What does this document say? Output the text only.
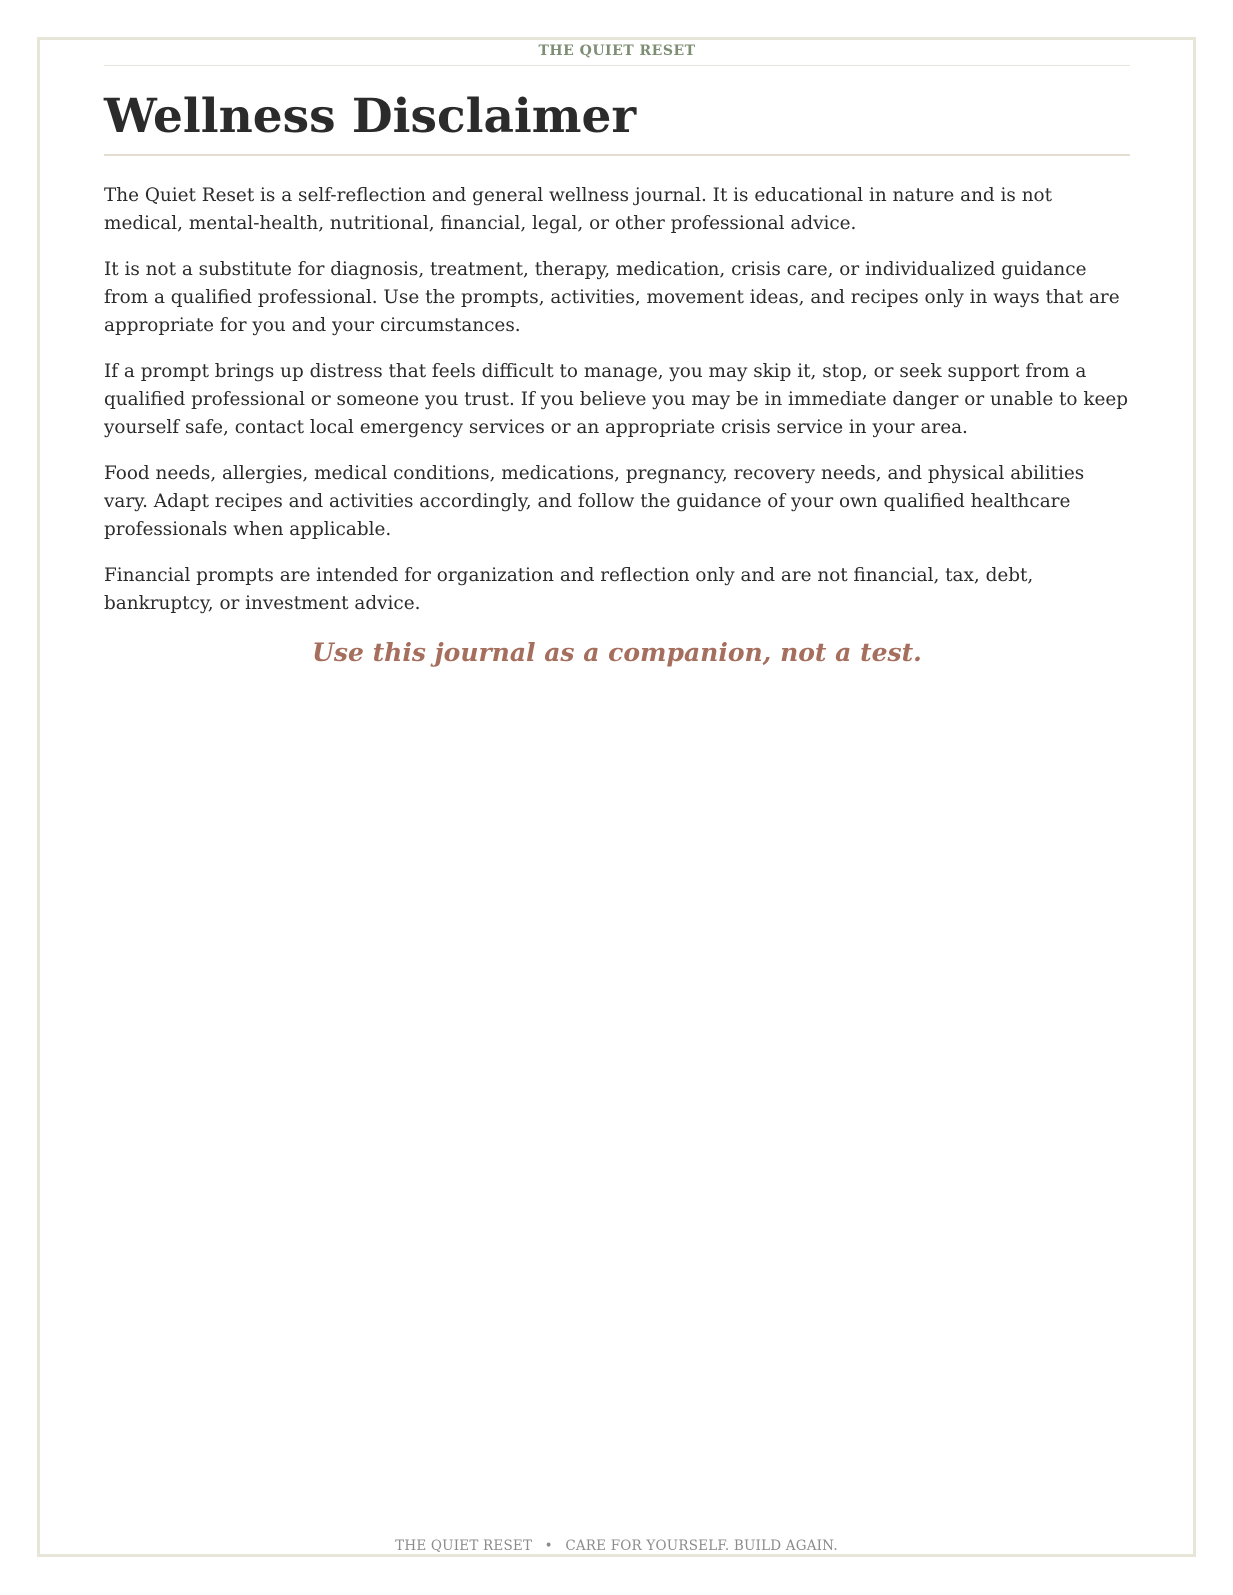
THE QUIET RESET
Wellness Disclaimer

The Quiet Reset is a self-reflection and general wellness journal. It is educational in nature and is not medical, mental-health, nutritional, financial, legal, or other professional advice.

It is not a substitute for diagnosis, treatment, therapy, medication, crisis care, or individualized guidance from a qualified professional. Use the prompts, activities, movement ideas, and recipes only in ways that are appropriate for you and your circumstances.

If a prompt brings up distress that feels difficult to manage, you may skip it, stop, or seek support from a qualified professional or someone you trust. If you believe you may be in immediate danger or unable to keep yourself safe, contact local emergency services or an appropriate crisis service in your area.

Food needs, allergies, medical conditions, medications, pregnancy, recovery needs, and physical abilities vary. Adapt recipes and activities accordingly, and follow the guidance of your own qualified healthcare professionals when applicable.

Financial prompts are intended for organization and reflection only and are not financial, tax, debt, bankruptcy, or investment advice.

Use this journal as a companion, not a test.

THE QUIET RESET • CARE FOR YOURSELF. BUILD AGAIN.
